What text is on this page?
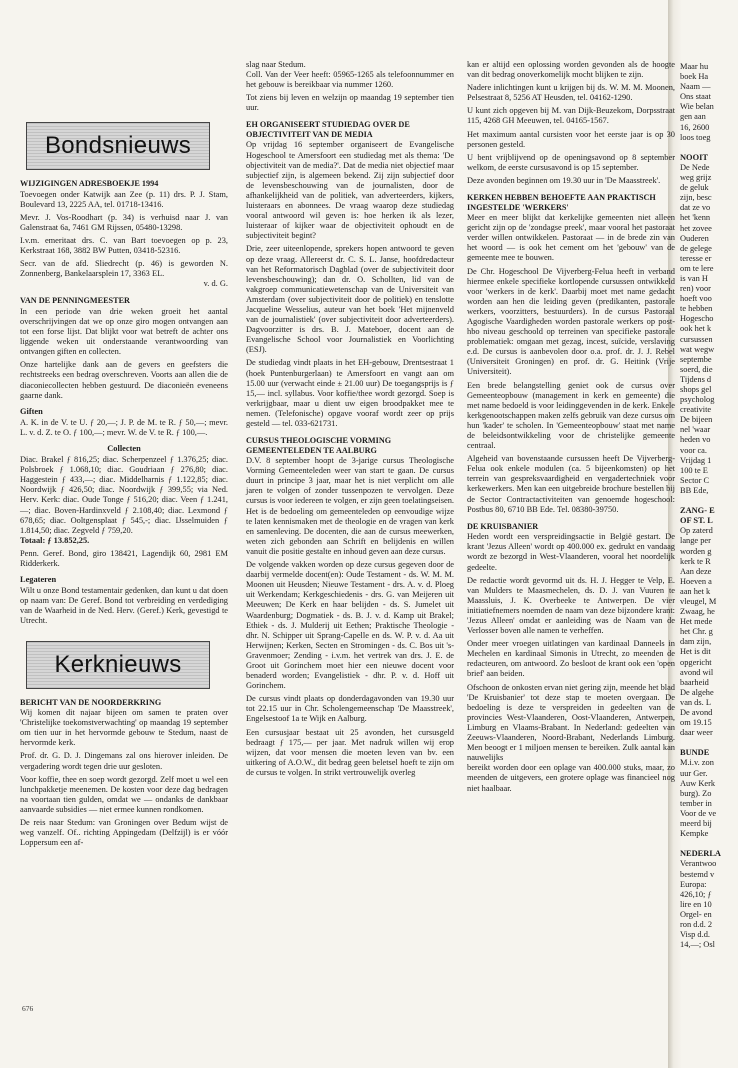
Bondsnieuws
WIJZIGINGEN ADRESBOEKJE 1994

Toevoegen onder Katwijk aan Zee (p. 11) drs. P. J. Stam, Boulevard 13, 2225 AA, tel. 01718-13416.

Mevr. J. Vos-Roodhart (p. 34) is verhuisd naar J. van Galenstraat 6a, 7461 GM Rijssen, 05480-13298.

I.v.m. emeritaat drs. C. van Bart toevoegen op p. 23, Kerkstraat 168, 3882 BW Putten, 03418-52316.

Secr. van de afd. Sliedrecht (p. 46) is geworden N. Zonnenberg, Bankelaarsplein 17, 3363 EL.

v. d. G.
VAN DE PENNINGMEESTER

In een periode van drie weken groeit het aantal overschrijvingen dat we op onze giro mogen ontvangen aan tot een forse lijst. Dat blijkt voor wat betreft de achter ons liggende weken uit onderstaande verantwoording van ontvangen giften en collecten.

Onze hartelijke dank aan de gevers en geefsters die rechtstreeks een bedrag overschreven. Voorts aan allen die de diaconiecollecten hebben gestuurd. De diaconieën eveneens gaarne dank.

Giften

A. K. in de V. te U. ƒ 20,—; J. P. de M. te R. ƒ 50,—; mevr. L. v. d. Z. te O. ƒ 100,—; mevr. W. de V. te R. ƒ 100,—.

Collecten

Diac. Brakel ƒ 816,25; diac. Scherpenzeel ƒ 1.376,25; diac. Polsbroek ƒ 1.068,10; diac. Goudriaan ƒ 276,80; diac. Haggestein ƒ 433,—; diac. Middelharnis ƒ 1.122,85; diac. Noordwijk ƒ 426,50; diac. Noordwijk ƒ 399,55; via Ned. Herv. Kerk: diac. Oude Tonge ƒ 516,20; diac. Veen ƒ 1.241,—; diac. Boven-Hardinxveld ƒ 2.108,40; diac. Lexmond ƒ 678,65; diac. Ooltgensplaat ƒ 545,-; diac. IJsselmuiden ƒ 1.814,50; diac. Zegveld ƒ 759,20.

Totaal: ƒ 13.852,25.

Penn. Geref. Bond, giro 138421, Lagendijk 60, 2981 EM Ridderkerk.

Legateren

Wilt u onze Bond testamentair gedenken, dan kunt u dat doen op naam van: De Geref. Bond tot verbreiding en verdediging van de Waarheid in de Ned. Herv. (Geref.) Kerk, gevestigd te Utrecht.

Kerknieuws
BERICHT VAN DE NOORDERKRING

Wij komen dit najaar bijeen om samen te praten over 'Christelijke toekomstverwachting' op maandag 19 september om tien uur in het hervormde gebouw te Stedum, naast de hervormde kerk.

Prof. dr. G. D. J. Dingemans zal ons hierover inleiden. De vergadering wordt tegen drie uur gesloten.

Voor koffie, thee en soep wordt gezorgd. Zelf moet u wel een lunchpakketje meenemen. De kosten voor deze dag bedragen na voortaan tien gulden, omdat we — ondanks de dankbaar aanvaarde subsidies — niet ermee kunnen rondkomen.

De reis naar Stedum: van Groningen over Bedum wijst de weg vanzelf. Of.. richting Appingedam (Delfzijl) is er vóór Loppersum een af-

slag naar Stedum.

Coll. Van der Veer heeft: 05965-1265 als telefoonnummer en het gebouw is bereikbaar via nummer 1260.

Tot ziens bij leven en welzijn op maandag 19 september tien uur.

EH ORGANISEERT STUDIEDAG OVER DE OBJECTIVITEIT VAN DE MEDIA

Op vrijdag 16 september organiseert de Evangelische Hogeschool te Amersfoort een studiedag met als thema: 'De objectiviteit van de media?'. Dat de media niet objectief maar subjectief zijn, is algemeen bekend. Zij zijn subjectief door de levensbeschouwing van de journalisten, door de afhankelijkheid van de politiek, van adverteerders, kijkers, luisteraars en abonnees. De vraag waarop deze studiedag vooral antwoord wil geven is: hoe herken ik als lezer, luisteraar of kijker waar de objectiviteit ophoudt en de subjectiviteit begint?

Drie, zeer uiteenlopende, sprekers hopen antwoord te geven op deze vraag. Allereerst dr. C. S. L. Janse, hoofdredacteur van het Reformatorisch Dagblad (over de subjectiviteit door levensbeschouwing); dan dr. O. Schollten, lid van de vakgroep communicatiewetenschap van de Universiteit van Amsterdam (over subjectiviteit door de politiek) en tenslotte Jacqueline Wesselius, auteur van het boek 'Het mijnenveld van de journalistiek' (over subjectiviteit door adverteerders). Dagvoorzitter is drs. B. J. Mateboer, docent aan de Evangelische School voor Journalistiek en Voorlichting (ESJ).

De studiedag vindt plaats in het EH-gebouw, Drentsestraat 1 (hoek Puntenburgerlaan) te Amersfoort en vangt aan om 15.00 uur (verwacht einde ± 21.00 uur) De toegangsprijs is ƒ 15,— incl. syllabus. Voor koffie/thee wordt gezorgd. Soep is verkrijgbaar, maar u dient uw eigen broodpakket mee te nemen. (Telefonische) opgave vooraf wordt zeer op prijs gesteld — tel. 033-621731.

CURSUS THEOLOGISCHE VORMING GEMEENTELEDEN TE AALBURG

D.V. 8 september hoopt de 3-jarige cursus Theologische Vorming Gemeenteleden weer van start te gaan. De cursus duurt in principe 3 jaar, maar het is niet verplicht om alle jaren te volgen of zonder tussenpozen te vervolgen. Deze cursus is voor iedereen te volgen, er zijn geen toelatingseisen. Het is de bedoeling om gemeenteleden op eenvoudige wijze te laten kennismaken met de theologie en de vragen van kerk en samenleving. De docenten, die aan de cursus meewerken, weten zich gebonden aan Schrift en belijdenis en willen vanuit die positie gestalte en inhoud geven aan deze cursus.

De volgende vakken worden op deze cursus gegeven door de daarbij vermelde docent(en): Oude Testament - ds. W. M. M. Moonen uit Heusden; Nieuwe Testament - drs. A. v. d. Ploeg uit Werkendam; Kerkgeschiedenis - drs. G. van Meijeren uit Meeuwen; De Kerk en haar belijden - ds. S. Jumelet uit Waardenburg; Dogmatiek - ds. B. J. v. d. Kamp uit Brakel; Ethiek - ds. J. Mulderij uit Eethen; Praktische Theologie - dhr. N. Schipper uit Sprang-Capelle en ds. W. P. v. d. Aa uit Herwijnen; Kerken, Secten en Stromingen - ds. C. Bos uit 's-Gravenmoer; Zending - i.v.m. het vertrek van drs. J. E. de Groot uit Gorinchem moet hier een nieuwe docent voor benaderd worden; Evangelistiek - dhr. P. v. d. Hoff uit Gorinchem.

De cursus vindt plaats op donderdagavonden van 19.30 uur tot 22.15 uur in Chr. Scholengemeenschap 'De Maasstreek', Engelsestoof 1a te Wijk en Aalburg.

Een cursusjaar bestaat uit 25 avonden, het cursusgeld bedraagt ƒ 175,— per jaar. Met nadruk willen wij erop wijzen, dat voor mensen die moeten leven van bv. een uitkering of A.O.W., dit bedrag geen beletsel hoeft te zijn om de cursus te volgen. In strikt vertrouwelijk overleg

kan er altijd een oplossing worden gevonden als de hoogte van dit bedrag onoverkomelijk mocht blijken te zijn.

Nadere inlichtingen kunt u krijgen bij ds. W. M. M. Moonen, Pelsestraat 8, 5256 AT Heusden, tel. 04162-1290.

U kunt zich opgeven bij M. van Dijk-Beuzekom, Dorpsstraat 115, 4268 GH Meeuwen, tel. 04165-1567.

Het maximum aantal cursisten voor het eerste jaar is op 30 personen gesteld.

U bent vrijblijvend op de openingsavond op 8 september welkom, de eerste cursusavond is op 15 september.

Deze avonden beginnen om 19.30 uur in 'De Maasstreek'.

KERKEN HEBBEN BEHOEFTE AAN PRAKTISCH INGESTELDE 'WERKERS'

Meer en meer blijkt dat kerkelijke gemeenten niet alleen gericht zijn op de 'zondagse preek', maar vooral het pastoraat verder willen ontwikkelen. Pastoraat — in de brede zin van het woord — is ook het cement om het 'gebouw' van de gemeente mee te bouwen.

De Chr. Hogeschool De Vijverberg-Felua heeft in verband hiermee enkele specifieke kortlopende cursussen ontwikkeld voor 'werkers in de kerk'. Daarbij moet met name gedacht worden aan hen die leiding geven (predikanten, pastorale werkers, voorzitters, bestuurders). In de cursus Pastoraal Agogische Vaardigheden worden pastorale werkers op post-hbo niveau geschoold op terreinen van specifieke pastorale problematiek: omgaan met gezag, incest, suïcide, verslaving e.d. De cursus is aanbevolen door o.a. prof. dr. J. J. Rebel (Universiteit Groningen) en prof. dr. G. Heitink (Vrije Universiteit).

Een brede belangstelling geniet ook de cursus over Gemeenteopbouw (management in kerk en gemeente) die met name bedoeld is voor leidinggevenden in de kerk. Enkele kerkgenootschappen maken zelfs gebruik van deze cursus om hun 'kader' te scholen. In 'Gemeenteopbouw' staat met name de beleidsontwikkeling voor de christelijke gemeente centraal.

Algeheid van bovenstaande cursussen heeft De Vijverberg-Felua ook enkele modulen (ca. 5 bijeenkomsten) op het terrein van gespreksvaardigheid en vergadertechniek voor kerkewerkers. Men kan een uitgebreide brochure bestellen bij de Sector Contractactiviteiten van genoemde hogeschool: Postbus 80, 6710 BB Ede. Tel. 08380-39750.

DE KRUISBANIER

Heden wordt een verspreidingsactie in België gestart. De krant 'Jezus Alleen' wordt op 400.000 ex. gedrukt en vandaag wordt ze bezorgd in West-Vlaanderen, vooral het noordelijk gedeelte.

De redactie wordt gevormd uit ds. H. J. Hegger te Velp, E. van Mulders te Maasmechelen, ds. D. J. van Vuuren te Maassluis, J. K. Overbeeke te Antwerpen. De vier initiatiefnemers noemden de naam van deze bijzondere krant: 'Jezus Alleen' omdat er aanleiding was de Naam van de Verlosser boven alle namen te verheffen.

Onder meer vroegen uitlatingen van kardinaal Danneels in Mechelen en kardinaal Simonis in Utrecht, zo meenden de redacteuren, om antwoord. Zo besloot de krant ook een 'open brief' aan beiden.

Ofschoon de onkosten ervan niet gering zijn, meende het blad 'De Kruisbanier' tot deze stap te moeten overgaan. De bedoeling is deze te verspreiden in gedeelten van de provincies West-Vlaanderen, Oost-Vlaanderen, Antwerpen, Limburg en Vlaams-Brabant. In Nederland: gedeelten van Zeeuws-Vlaanderen, Noord-Brabant, Nederlands Limburg. Men beoogt er 1 miljoen mensen te bereiken. Zulk aantal kan nauwelijks

bereikt worden door een oplage van 400.000 stuks, maar, zo meenden de uitgevers, een grotere oplage was financieel nog niet haalbaar.

676
Maar hu
boek Ha
Naam —
Ons staat
Wie belan
gen aan
16, 2600
loos toeg

NOOIT
De Nede
weg grijz
de geluk
zijn, besc
dat ze vo
het 'kenn
het zovee
Ouderen
de gelege
teresse er
om te lere
is van H
ren) voor
hoeft voo
te hebben
Hogescho
ook het k
cursussen
wat wegw
septembe
soerd, die
Tijdens d
shops gel
psycholog
creativite
De bijeen
nel 'waar
heden vo
voor ca.
Vrijdag 1
100 te E
Sector C
BB Ede,

ZANG- E
OF ST. L
Op zaterd
lange per
worden g
kerk te R
Aan deze
Hoeven a
aan het k
vleugel, M
Zwaag, he
Het mede
het Chr. g
dam zijn,
Het is dit
opgericht
avond wil
baarheid
De algehe
van ds. L
De avond
om 19.15
daar weer

BUNDE
M.i.v. zon
uur Ger.
Auw Kerk
burg). Zo
tember in
Voor de ve
meerd bij
Kempke

NEDERLA
Verantwoo
bestemd v
Europa:
426,10; ƒ
lire en 10
Orgel- en
ron d.d. 2
Visp d.d.
14,—; Osl
